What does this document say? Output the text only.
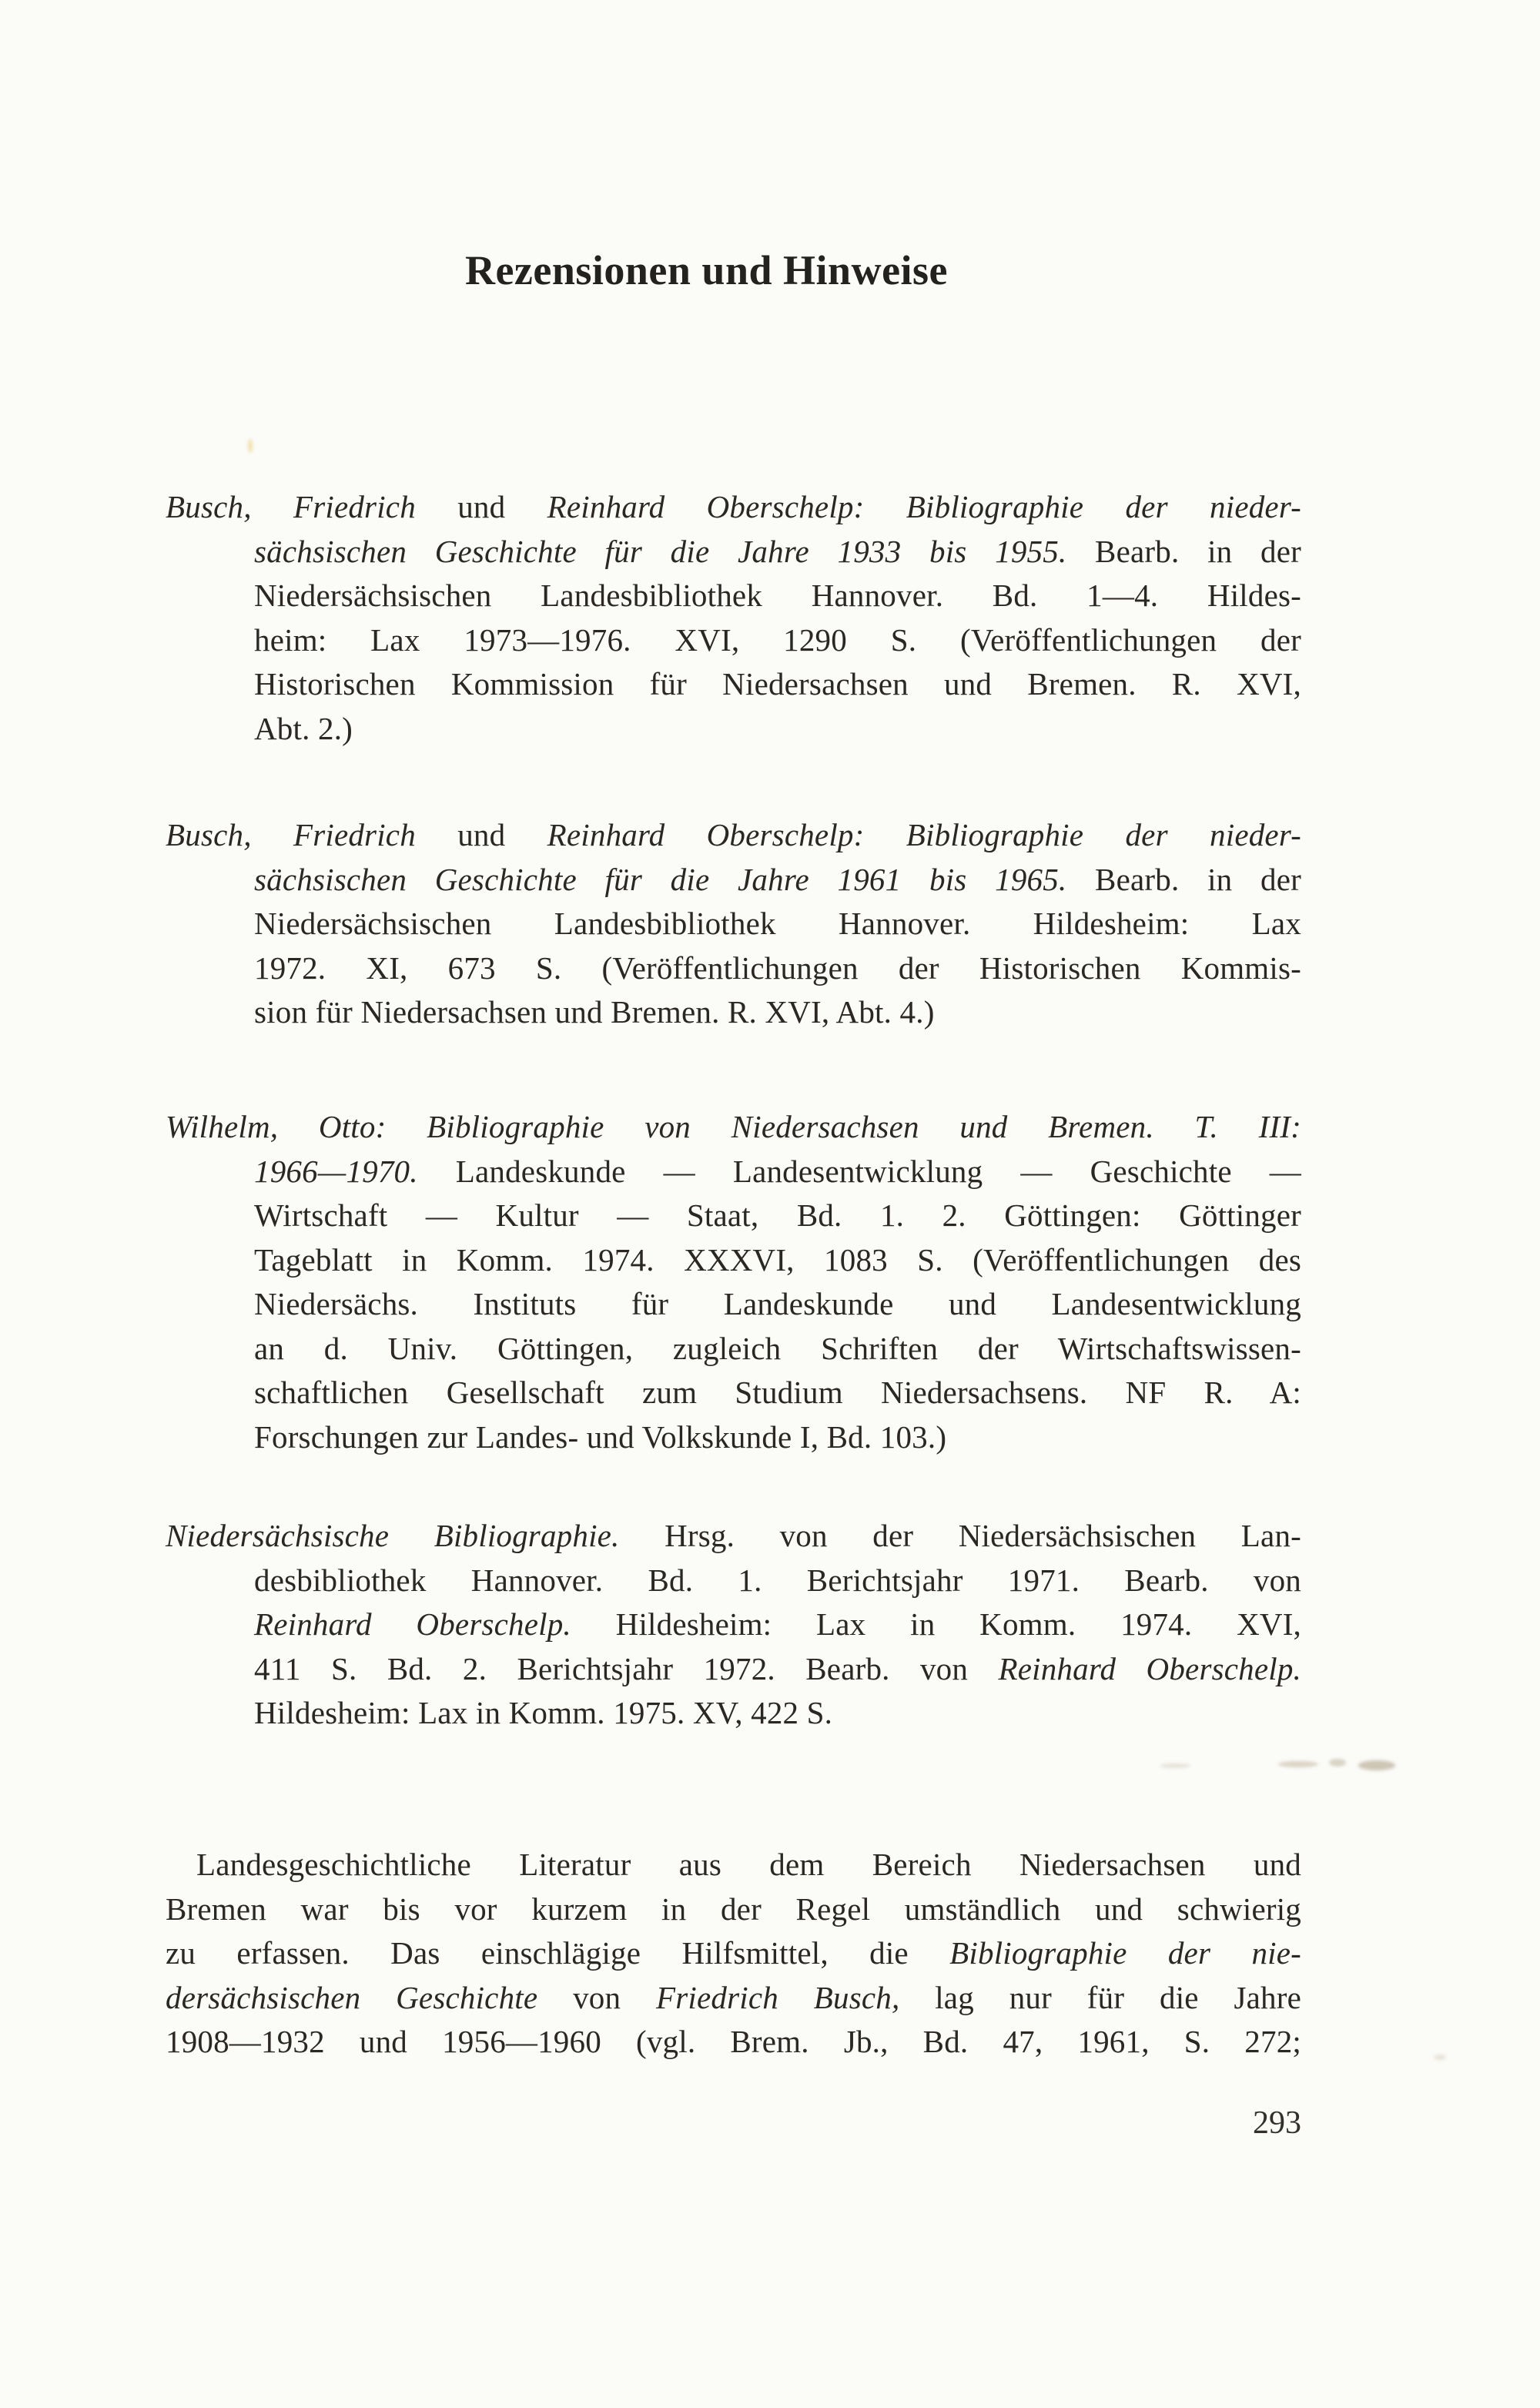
Rezensionen und Hinweise
Busch, Friedrich und Reinhard Oberschelp: Bibliographie der nieder-
sächsischen Geschichte für die Jahre 1933 bis 1955. Bearb. in der
Niedersächsischen Landesbibliothek Hannover. Bd. 1—4. Hildes-
heim: Lax 1973—1976. XVI, 1290 S. (Veröffentlichungen der
Historischen Kommission für Niedersachsen und Bremen. R. XVI,
Abt. 2.)
Busch, Friedrich und Reinhard Oberschelp: Bibliographie der nieder-
sächsischen Geschichte für die Jahre 1961 bis 1965. Bearb. in der
Niedersächsischen Landesbibliothek Hannover. Hildesheim: Lax
1972. XI, 673 S. (Veröffentlichungen der Historischen Kommis-
sion für Niedersachsen und Bremen. R. XVI, Abt. 4.)
Wilhelm, Otto: Bibliographie von Niedersachsen und Bremen. T. III:
1966—1970. Landeskunde — Landesentwicklung — Geschichte —
Wirtschaft — Kultur — Staat, Bd. 1. 2. Göttingen: Göttinger
Tageblatt in Komm. 1974. XXXVI, 1083 S. (Veröffentlichungen des
Niedersächs. Instituts für Landeskunde und Landesentwicklung
an d. Univ. Göttingen, zugleich Schriften der Wirtschaftswissen-
schaftlichen Gesellschaft zum Studium Niedersachsens. NF R. A:
Forschungen zur Landes- und Volkskunde I, Bd. 103.)
Niedersächsische Bibliographie. Hrsg. von der Niedersächsischen Lan-
desbibliothek Hannover. Bd. 1. Berichtsjahr 1971. Bearb. von
Reinhard Oberschelp. Hildesheim: Lax in Komm. 1974. XVI,
411 S. Bd. 2. Berichtsjahr 1972. Bearb. von Reinhard Oberschelp.
Hildesheim: Lax in Komm. 1975. XV, 422 S.
Landesgeschichtliche Literatur aus dem Bereich Niedersachsen und
Bremen war bis vor kurzem in der Regel umständlich und schwierig
zu erfassen. Das einschlägige Hilfsmittel, die Bibliographie der nie-
dersächsischen Geschichte von Friedrich Busch, lag nur für die Jahre
1908—1932 und 1956—1960 (vgl. Brem. Jb., Bd. 47, 1961, S. 272;
293
